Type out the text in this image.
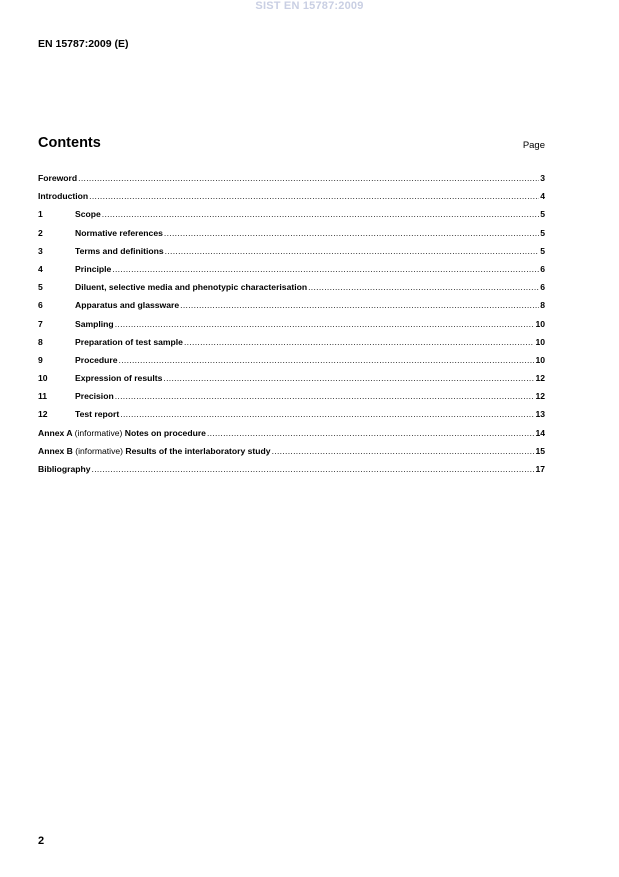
SIST EN 15787:2009
EN 15787:2009 (E)
Contents	Page
Foreword .....	3
Introduction .....	4
1	Scope .....	5
2	Normative references .....	5
3	Terms and definitions .....	5
4	Principle .....	6
5	Diluent, selective media and phenotypic characterisation .....	6
6	Apparatus and glassware .....	8
7	Sampling .....	10
8	Preparation of test sample .....	10
9	Procedure .....	10
10	Expression of results .....	12
11	Precision .....	12
12	Test report .....	13
Annex A (informative) Notes on procedure .....	14
Annex B (informative) Results of the interlaboratory study .....	15
Bibliography .....	17
2
